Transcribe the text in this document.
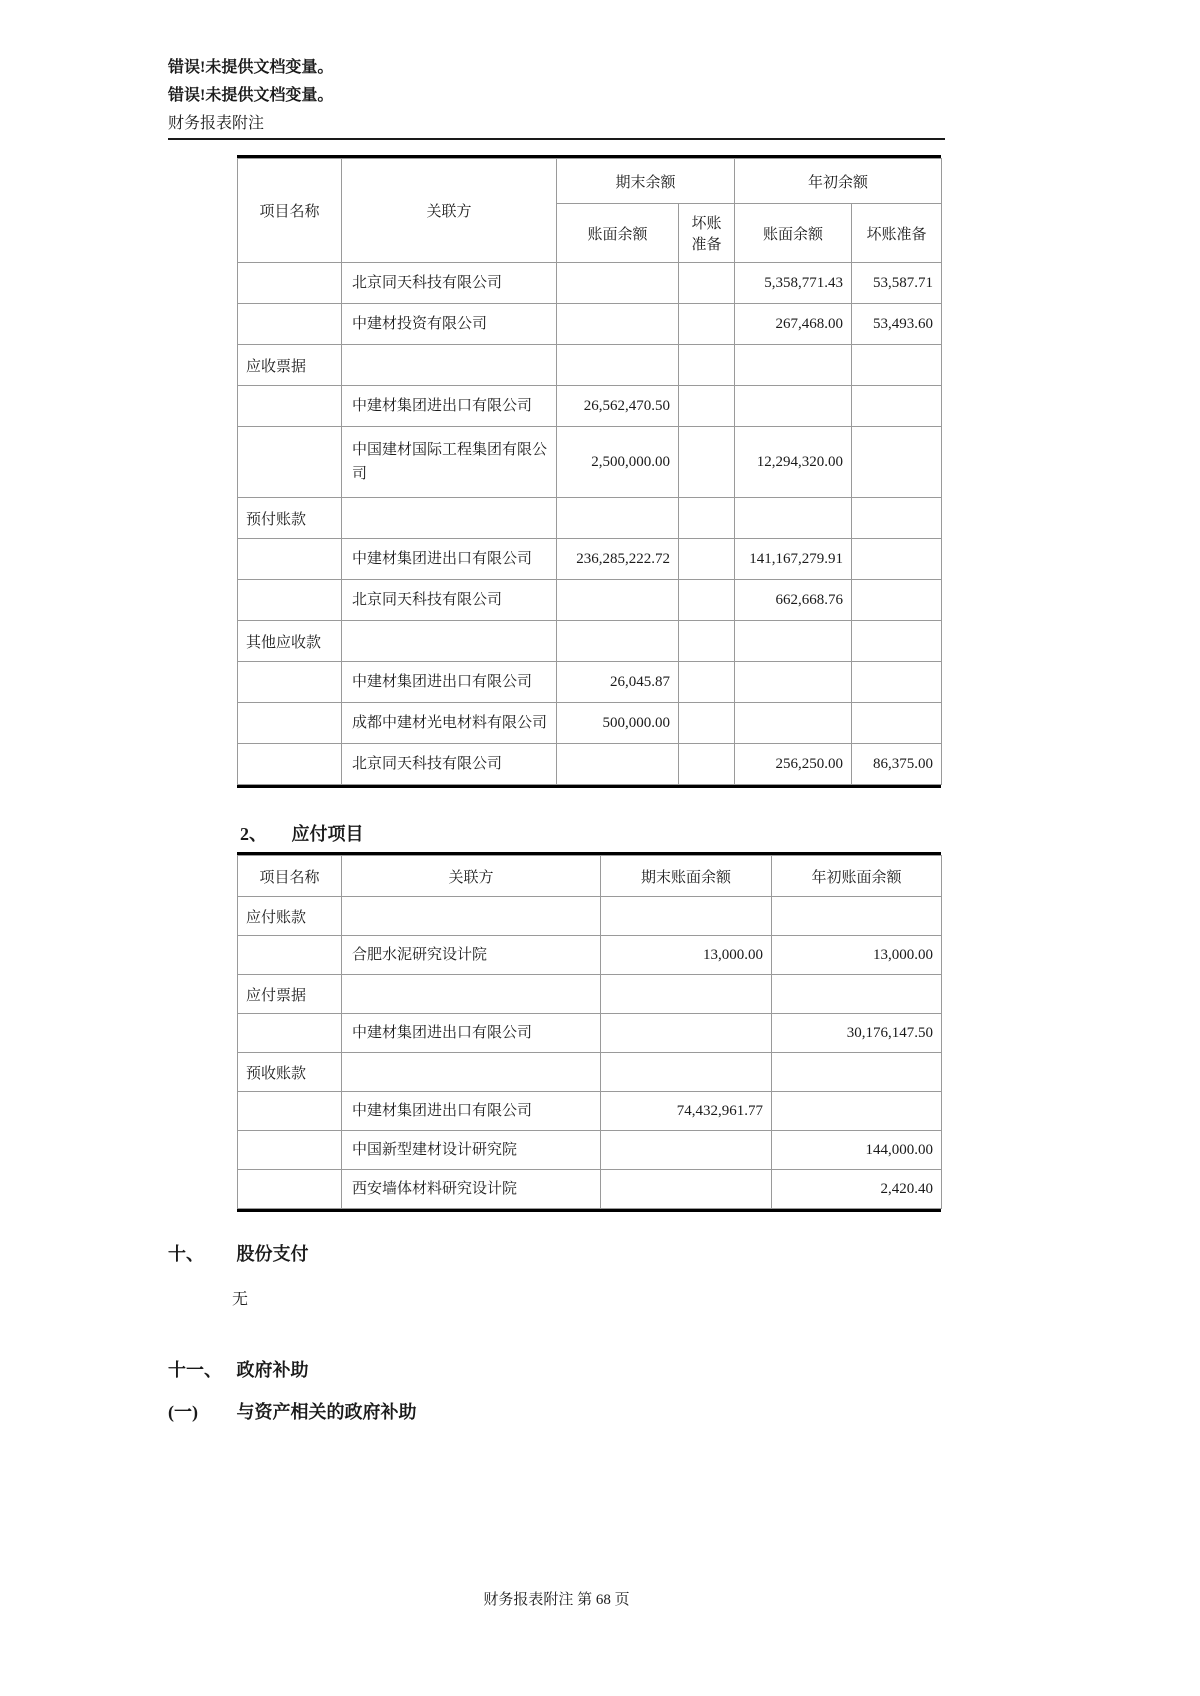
错误!未提供文档变量。
错误!未提供文档变量。
财务报表附注
项目名称	关联方	期末余额		年初余额	
		账面余额	坏账准备	账面余额	坏账准备
	北京同天科技有限公司			5,358,771.43	53,587.71
	中建材投资有限公司			267,468.00	53,493.60
应收票据					
	中建材集团进出口有限公司	26,562,470.50			
	中国建材国际工程集团有限公司	2,500,000.00		12,294,320.00	
预付账款					
	中建材集团进出口有限公司	236,285,222.72		141,167,279.91	
	北京同天科技有限公司			662,668.76	
其他应收款					
	中建材集团进出口有限公司	26,045.87			
	成都中建材光电材料有限公司	500,000.00			
	北京同天科技有限公司			256,250.00	86,375.00
2、 应付项目
项目名称	关联方	期末账面余额	年初账面余额
应付账款			
	合肥水泥研究设计院	13,000.00	13,000.00
应付票据			
	中建材集团进出口有限公司		30,176,147.50
预收账款			
	中建材集团进出口有限公司	74,432,961.77	
	中国新型建材设计研究院		144,000.00
	西安墙体材料研究设计院		2,420.40
十、 股份支付
无
十一、 政府补助
(一) 与资产相关的政府补助
财务报表附注 第 68 页
